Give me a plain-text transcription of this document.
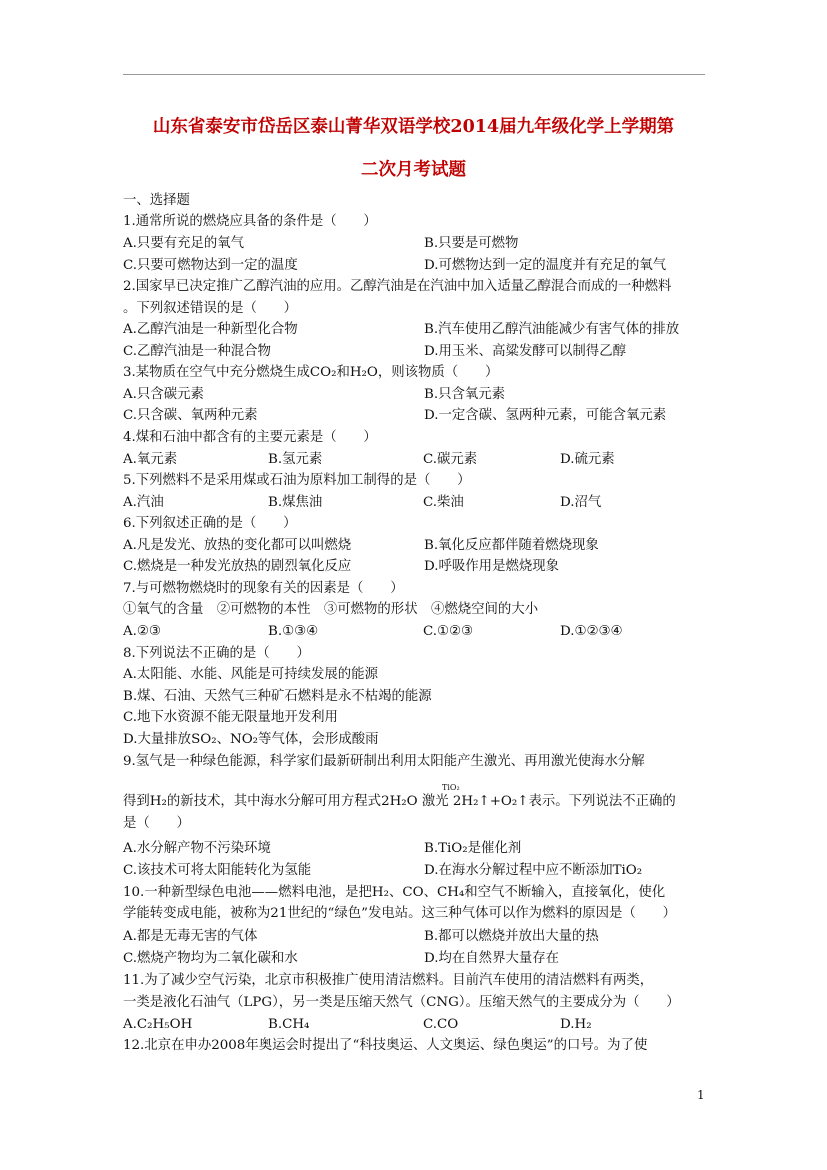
山东省泰安市岱岳区泰山菁华双语学校2014届九年级化学上学期第
二次月考试题
一、选择题
1.通常所说的燃烧应具备的条件是（　　）
A.只要有充足的氧气	B.只要是可燃物
C.只要可燃物达到一定的温度	D.可燃物达到一定的温度并有充足的氧气
2.国家早已决定推广乙醇汽油的应用。乙醇汽油是在汽油中加入适量乙醇混合而成的一种燃料
。下列叙述错误的是（　　）
A.乙醇汽油是一种新型化合物	B.汽车使用乙醇汽油能减少有害气体的排放
C.乙醇汽油是一种混合物	D.用玉米、高粱发酵可以制得乙醇
3.某物质在空气中充分燃烧生成CO₂和H₂O，则该物质（　　）
A.只含碳元素	B.只含氧元素
C.只含碳、氧两种元素	D.一定含碳、氢两种元素，可能含氧元素
4.煤和石油中都含有的主要元素是（　　）
A.氧元素	B.氢元素	C.碳元素	D.硫元素
5.下列燃料不是采用煤或石油为原料加工制得的是（　　）
A.汽油	B.煤焦油	C.柴油	D.沼气
6.下列叙述正确的是（　　）
A.凡是发光、放热的变化都可以叫燃烧	B.氧化反应都伴随着燃烧现象
C.燃烧是一种发光放热的剧烈氧化反应	D.呼吸作用是燃烧现象
7.与可燃物燃烧时的现象有关的因素是（　　）
①氧气的含量　②可燃物的本性　③可燃物的形状　④燃烧空间的大小
A.②③	B.①③④	C.①②③	D.①②③④
8.下列说法不正确的是（　　）
A.太阳能、水能、风能是可持续发展的能源
B.煤、石油、天然气三种矿石燃料是永不枯竭的能源
C.地下水资源不能无限量地开发利用
D.大量排放SO₂、NO₂等气体，会形成酸雨
9.氢气是一种绿色能源，科学家们最新研制出利用太阳能产生激光、再用激光使海水分解
得到H₂的新技术，其中海水分解可用方程式2H₂O 激光 2H₂↑+O₂↑表示。下列说法不正确的
TiO₂
是（　　）
A.水分解产物不污染环境	B.TiO₂是催化剂
C.该技术可将太阳能转化为氢能	D.在海水分解过程中应不断添加TiO₂
10.一种新型绿色电池——燃料电池，是把H₂、CO、CH₄和空气不断输入，直接氧化，使化
学能转变成电能，被称为21世纪的“绿色”发电站。这三种气体可以作为燃料的原因是（　　）
A.都是无毒无害的气体	B.都可以燃烧并放出大量的热
C.燃烧产物均为二氧化碳和水	D.均在自然界大量存在
11.为了减少空气污染，北京市积极推广使用清洁燃料。目前汽车使用的清洁燃料有两类，
一类是液化石油气（LPG），另一类是压缩天然气（CNG）。压缩天然气的主要成分为（　　）
A.C₂H₅OH	B.CH₄	C.CO	D.H₂
12.北京在申办2008年奥运会时提出了“科技奥运、人文奥运、绿色奥运”的口号。为了使
1
